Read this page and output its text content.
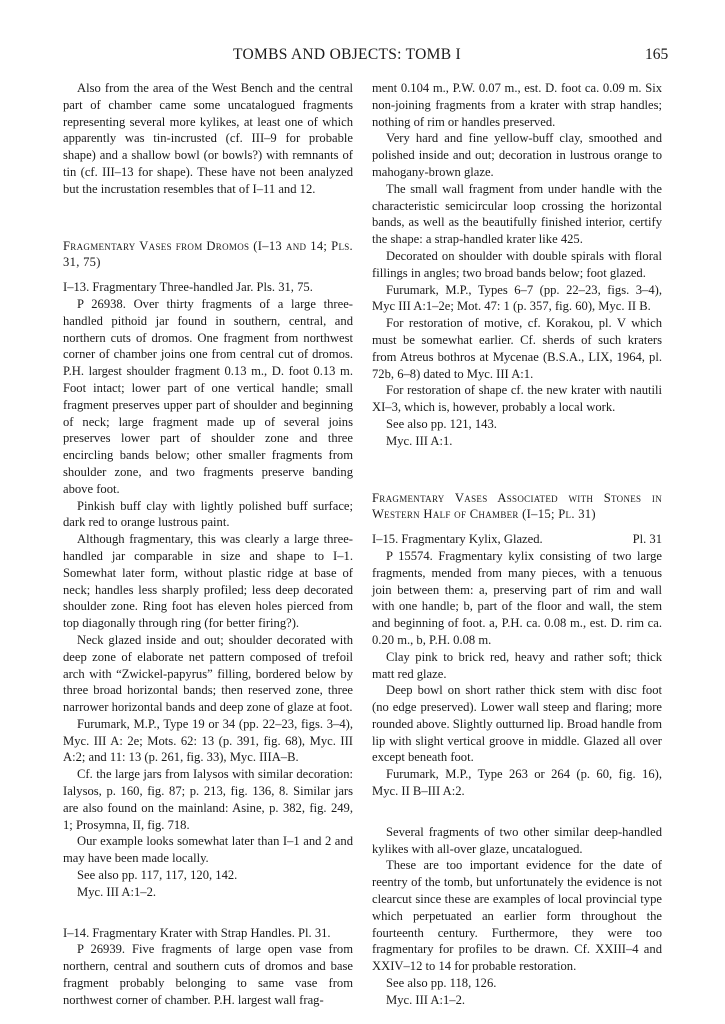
TOMBS AND OBJECTS: TOMB I	165

Also from the area of the West Bench and the central part of chamber came some uncatalogued fragments representing several more kylikes, at least one of which apparently was tin-incrusted (cf. III–9 for probable shape) and a shallow bowl (or bowls?) with remnants of tin (cf. III–13 for shape). These have not been analyzed but the incrustation resembles that of I–11 and 12.

Fragmentary Vases from Dromos (I–13 and 14; Pls. 31, 75)

I–13. Fragmentary Three-handled Jar. Pls. 31, 75.

P 26938. Over thirty fragments of a large three-handled pithoid jar found in southern, central, and northern cuts of dromos. One fragment from northwest corner of chamber joins one from central cut of dromos. P.H. largest shoulder fragment 0.13 m., D. foot 0.13 m. Foot intact; lower part of one vertical handle; small fragment preserves upper part of shoulder and beginning of neck; large fragment made up of several joins preserves lower part of shoulder zone and three encircling bands below; other smaller fragments from shoulder zone, and two fragments preserve banding above foot.

Pinkish buff clay with lightly polished buff surface; dark red to orange lustrous paint.

Although fragmentary, this was clearly a large three-handled jar comparable in size and shape to I–1. Somewhat later form, without plastic ridge at base of neck; handles less sharply profiled; less deep decorated shoulder zone. Ring foot has eleven holes pierced from top diagonally through ring (for better firing?).

Neck glazed inside and out; shoulder decorated with deep zone of elaborate net pattern composed of trefoil arch with “Zwickel-papyrus” filling, bordered below by three broad horizontal bands; then reserved zone, three narrower horizontal bands and deep zone of glaze at foot.

Furumark, M.P., Type 19 or 34 (pp. 22–23, figs. 3–4), Myc. III A: 2e; Mots. 62: 13 (p. 391, fig. 68), Myc. III A:2; and 11: 13 (p. 261, fig. 33), Myc. IIIA–B.

Cf. the large jars from Ialysos with similar decoration: Ialysos, p. 160, fig. 87; p. 213, fig. 136, 8. Similar jars are also found on the mainland: Asine, p. 382, fig. 249, 1; Prosymna, II, fig. 718.

Our example looks somewhat later than I–1 and 2 and may have been made locally.

See also pp. 117, 117, 120, 142.

Myc. III A:1–2.

I–14. Fragmentary Krater with Strap Handles. Pl. 31.

P 26939. Five fragments of large open vase from northern, central and southern cuts of dromos and base fragment probably belonging to same vase from northwest corner of chamber. P.H. largest wall frag-

ment 0.104 m., P.W. 0.07 m., est. D. foot ca. 0.09 m. Six non-joining fragments from a krater with strap handles; nothing of rim or handles preserved.

Very hard and fine yellow-buff clay, smoothed and polished inside and out; decoration in lustrous orange to mahogany-brown glaze.

The small wall fragment from under handle with the characteristic semicircular loop crossing the horizontal bands, as well as the beautifully finished interior, certify the shape: a strap-handled krater like 425.

Decorated on shoulder with double spirals with floral fillings in angles; two broad bands below; foot glazed.

Furumark, M.P., Types 6–7 (pp. 22–23, figs. 3–4), Myc III A:1–2e; Mot. 47: 1 (p. 357, fig. 60), Myc. II B.

For restoration of motive, cf. Korakou, pl. V which must be somewhat earlier. Cf. sherds of such kraters from Atreus bothros at Mycenae (B.S.A., LIX, 1964, pl. 72b, 6–8) dated to Myc. III A:1.

For restoration of shape cf. the new krater with nautili XI–3, which is, however, probably a local work.

See also pp. 121, 143.

Myc. III A:1.

Fragmentary Vases Associated with Stones in Western Half of Chamber (I–15; Pl. 31)

I–15. Fragmentary Kylix, Glazed.	Pl. 31

P 15574. Fragmentary kylix consisting of two large fragments, mended from many pieces, with a tenuous join between them: a, preserving part of rim and wall with one handle; b, part of the floor and wall, the stem and beginning of foot. a, P.H. ca. 0.08 m., est. D. rim ca. 0.20 m., b, P.H. 0.08 m.

Clay pink to brick red, heavy and rather soft; thick matt red glaze.

Deep bowl on short rather thick stem with disc foot (no edge preserved). Lower wall steep and flaring; more rounded above. Slightly outturned lip. Broad handle from lip with slight vertical groove in middle. Glazed all over except beneath foot.

Furumark, M.P., Type 263 or 264 (p. 60, fig. 16), Myc. II B–III A:2.

Several fragments of two other similar deep-handled kylikes with all-over glaze, uncatalogued.

These are too important evidence for the date of reentry of the tomb, but unfortunately the evidence is not clearcut since these are examples of local provincial type which perpetuated an earlier form throughout the fourteenth century. Furthermore, they were too fragmentary for profiles to be drawn. Cf. XXIII–4 and XXIV–12 to 14 for probable restoration.

See also pp. 118, 126.

Myc. III A:1–2.
